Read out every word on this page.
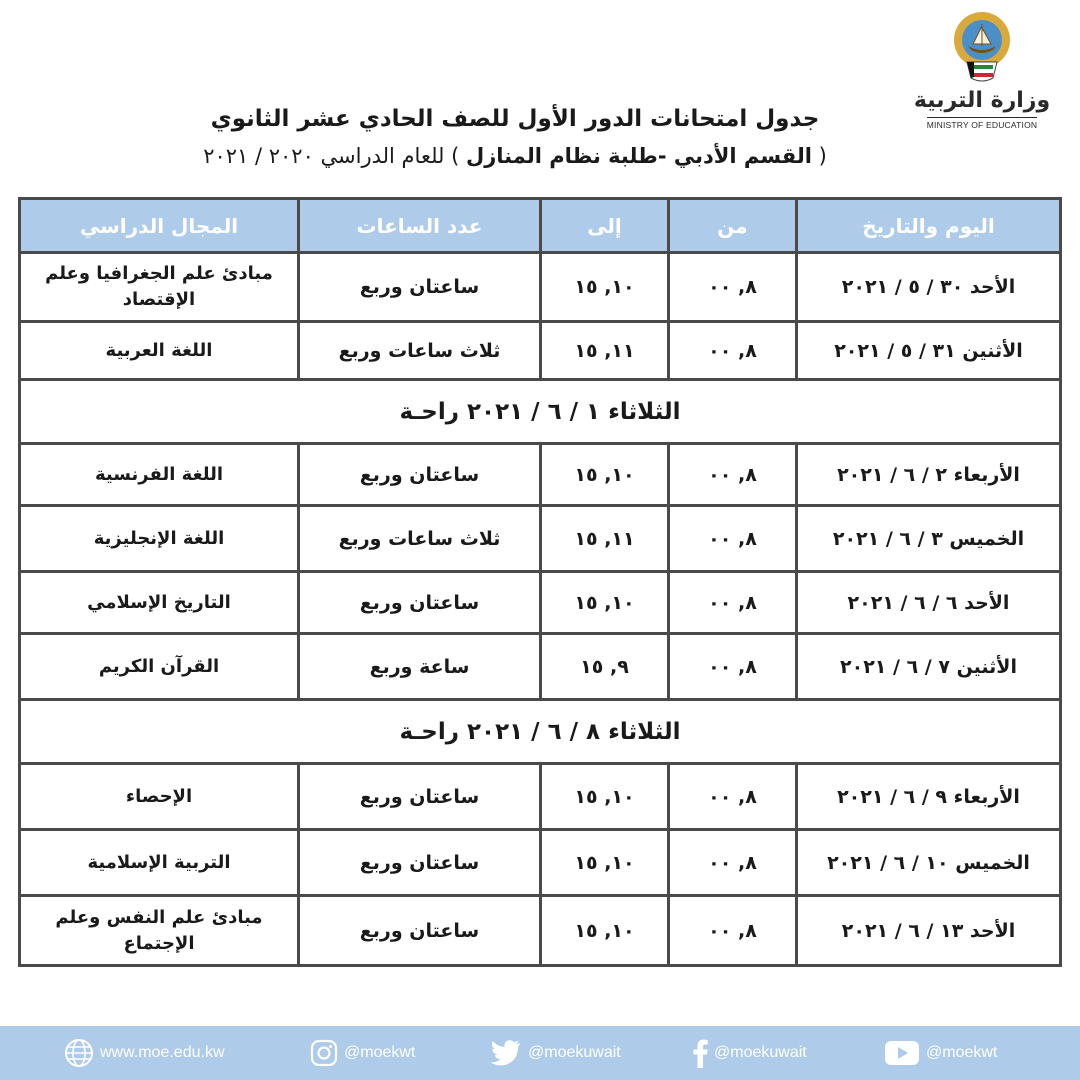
وزارة التربية
MINISTRY OF EDUCATION
جدول امتحانات الدور الأول للصف الحادي عشر الثانوي
( القسم الأدبي -طلبة نظام المنازل ) للعام الدراسي ٢٠٢٠ / ٢٠٢١
اليوم والتاريخ	من	إلى	عدد الساعات	المجال الدراسي
الأحد ٣٠ / ٥ / ٢٠٢١	٨, ٠٠	١٠, ١٥	ساعتان وربع	مبادئ علم الجغرافيا وعلم الإقتصاد
الأثنين ٣١ / ٥ / ٢٠٢١	٨, ٠٠	١١, ١٥	ثلاث ساعات وربع	اللغة العربية
الثلاثاء ١ / ٦ / ٢٠٢١ راحـة				
الأربعاء ٢ / ٦ / ٢٠٢١	٨, ٠٠	١٠, ١٥	ساعتان وربع	اللغة الفرنسية
الخميس ٣ / ٦ / ٢٠٢١	٨, ٠٠	١١, ١٥	ثلاث ساعات وربع	اللغة الإنجليزية
الأحد ٦ / ٦ / ٢٠٢١	٨, ٠٠	١٠, ١٥	ساعتان وربع	التاريخ الإسلامي
الأثنين ٧ / ٦ / ٢٠٢١	٨, ٠٠	٩, ١٥	ساعة وربع	القرآن الكريم
الثلاثاء ٨ / ٦ / ٢٠٢١ راحـة				
الأربعاء ٩ / ٦ / ٢٠٢١	٨, ٠٠	١٠, ١٥	ساعتان وربع	الإحصاء
الخميس ١٠ / ٦ / ٢٠٢١	٨, ٠٠	١٠, ١٥	ساعتان وربع	التربية الإسلامية
الأحد ١٣ / ٦ / ٢٠٢١	٨, ٠٠	١٠, ١٥	ساعتان وربع	مبادئ علم النفس وعلم الإجتماع
www.moe.edu.kw	@moekwt	@moekuwait	@moekuwait	@moekwt
